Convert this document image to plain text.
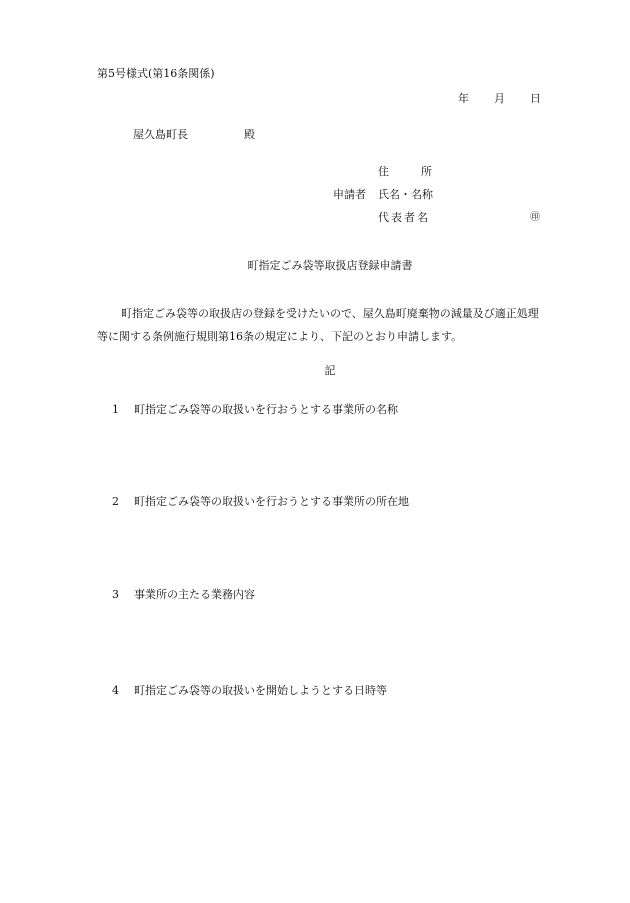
第5号様式(第16条関係)
年 月 日
屋久島町長	殿
住	所
申請者 氏名・名称
代表者名	㊞
町指定ごみ袋等取扱店登録申請書
町指定ごみ袋等の取扱店の登録を受けたいので、屋久島町廃棄物の減量及び適正処理
等に関する条例施行規則第16条の規定により、下記のとおり申請します。
記
1 町指定ごみ袋等の取扱いを行おうとする事業所の名称
2 町指定ごみ袋等の取扱いを行おうとする事業所の所在地
3 事業所の主たる業務内容
4 町指定ごみ袋等の取扱いを開始しようとする日時等
